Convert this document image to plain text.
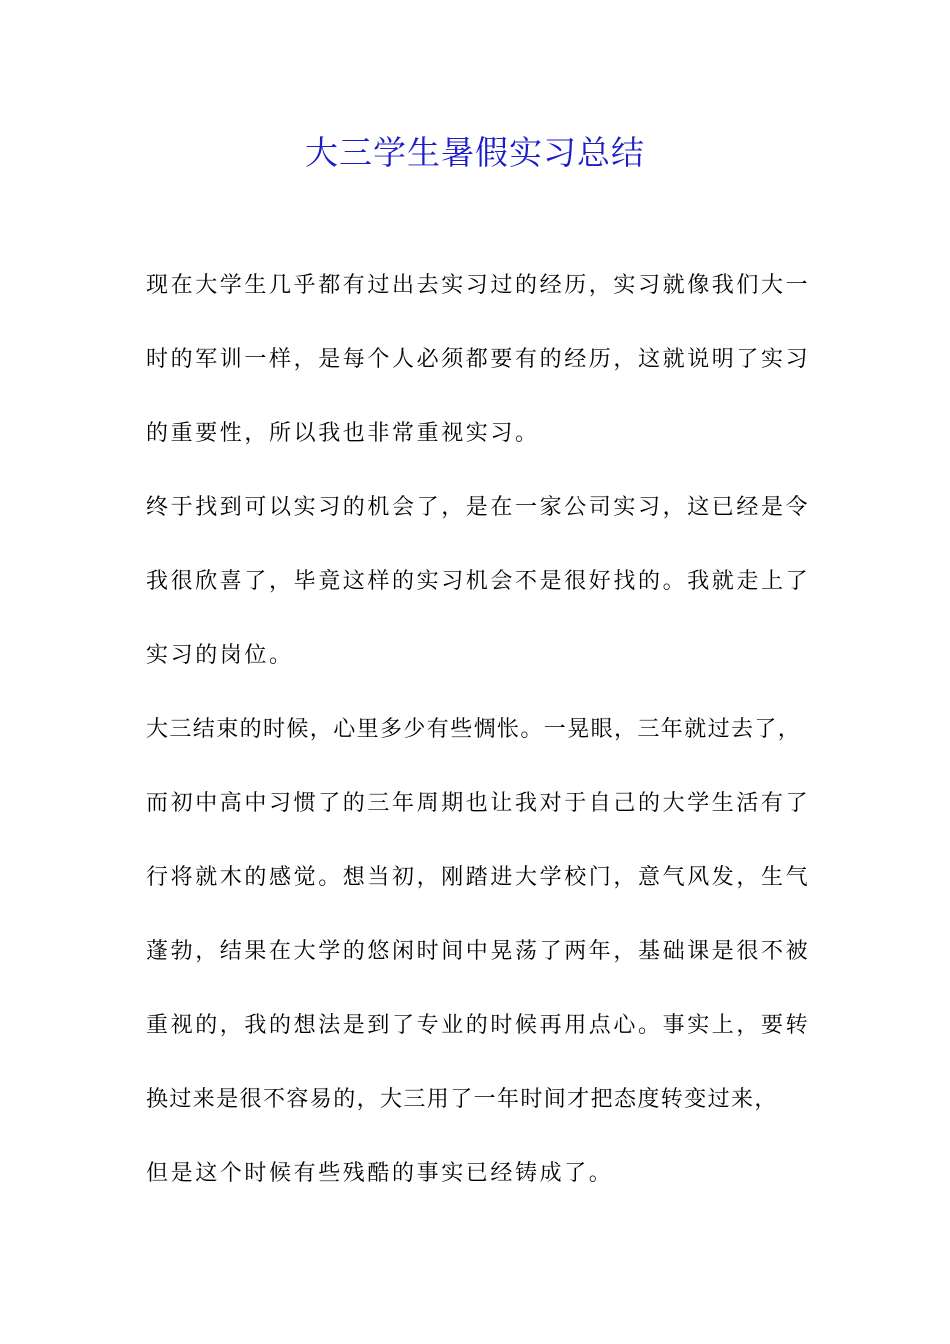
大三学生暑假实习总结
现在大学生几乎都有过出去实习过的经历，实习就像我们大一
时的军训一样，是每个人必须都要有的经历，这就说明了实习
的重要性，所以我也非常重视实习。
终于找到可以实习的机会了，是在一家公司实习，这已经是令
我很欣喜了，毕竟这样的实习机会不是很好找的。我就走上了
实习的岗位。
大三结束的时候，心里多少有些惆怅。一晃眼，三年就过去了，
而初中高中习惯了的三年周期也让我对于自己的大学生活有了
行将就木的感觉。想当初，刚踏进大学校门，意气风发，生气
蓬勃，结果在大学的悠闲时间中晃荡了两年，基础课是很不被
重视的，我的想法是到了专业的时候再用点心。事实上，要转
换过来是很不容易的，大三用了一年时间才把态度转变过来，
但是这个时候有些残酷的事实已经铸成了。
